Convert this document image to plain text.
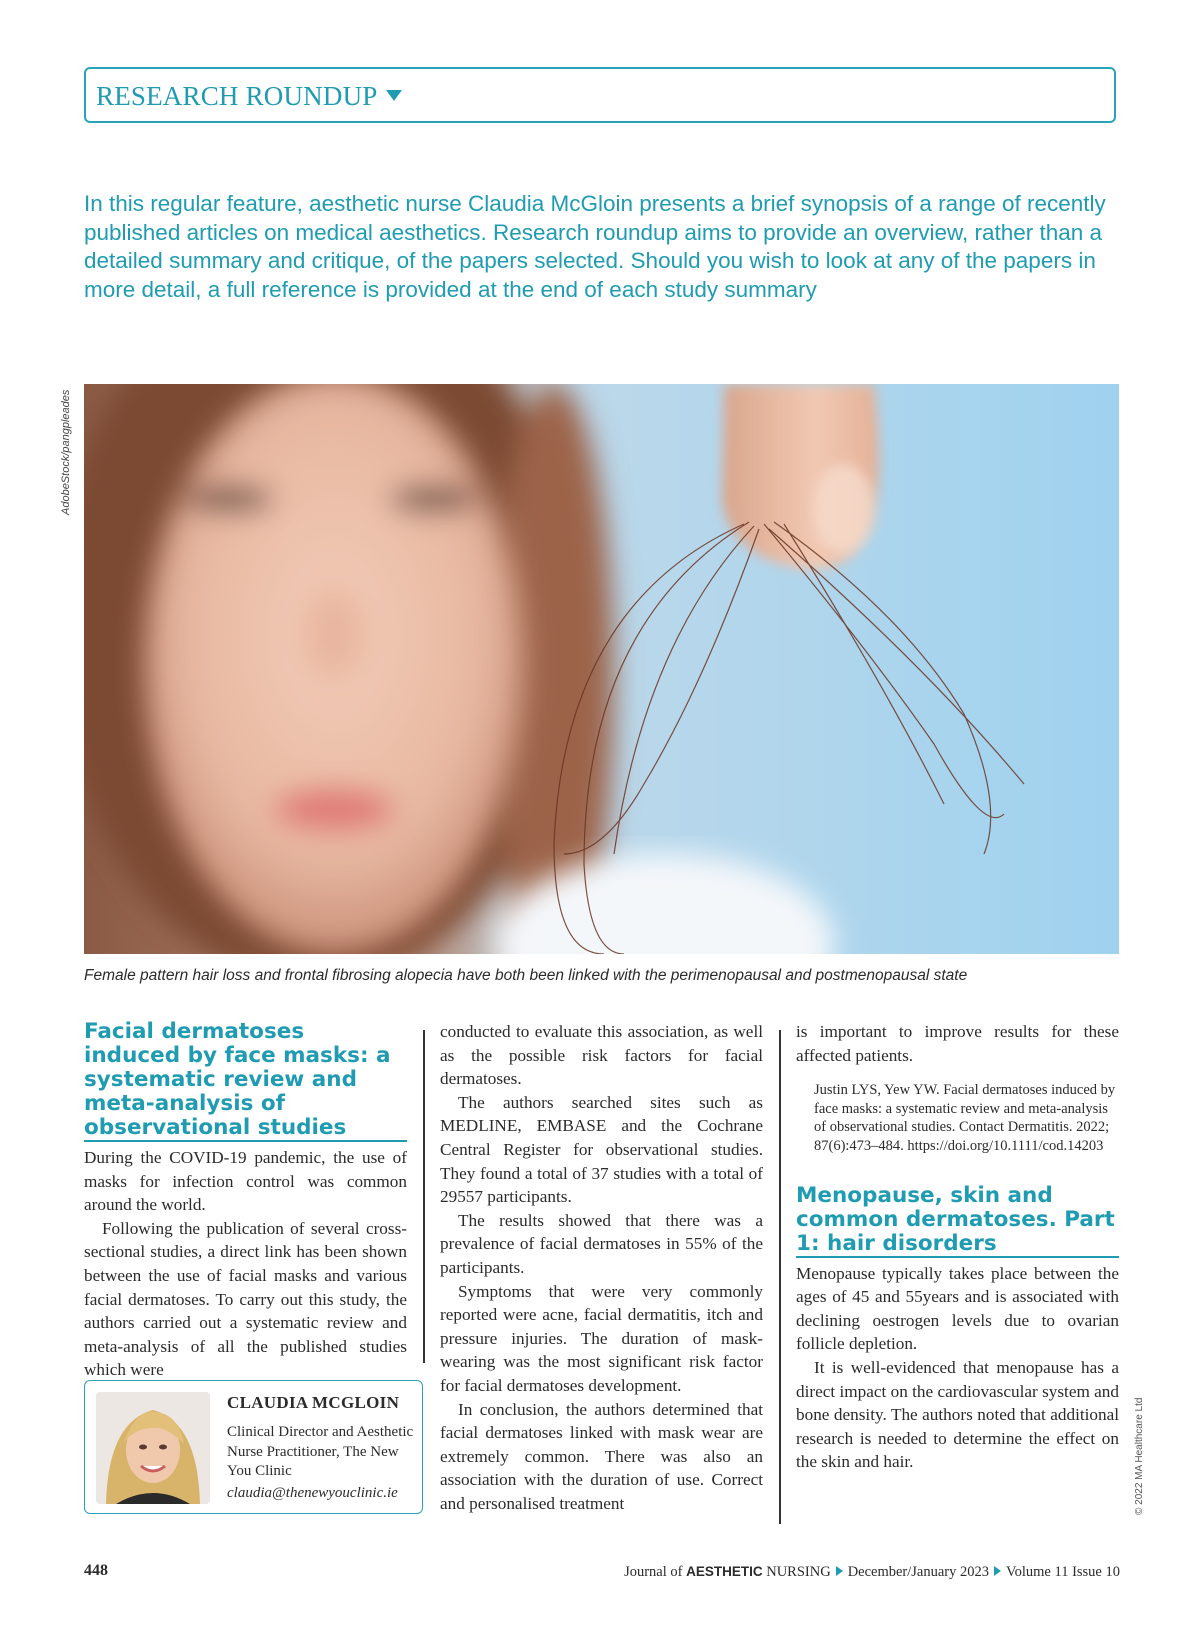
RESEARCH ROUNDUP

In this regular feature, aesthetic nurse Claudia McGloin presents a brief synopsis of a range of recently published articles on medical aesthetics. Research roundup aims to provide an overview, rather than a detailed summary and critique, of the papers selected. Should you wish to look at any of the papers in more detail, a full reference is provided at the end of each study summary

AdobeStock/pangpleades

Female pattern hair loss and frontal fibrosing alopecia have both been linked with the perimenopausal and postmenopausal state

Facial dermatoses induced by face masks: a systematic review and meta-analysis of observational studies

During the COVID-19 pandemic, the use of masks for infection control was common around the world.

Following the publication of several cross-sectional studies, a direct link has been shown between the use of facial masks and various facial dermatoses. To carry out this study, the authors carried out a systematic review and meta-analysis of all the published studies which were

conducted to evaluate this association, as well as the possible risk factors for facial dermatoses.

The authors searched sites such as MEDLINE, EMBASE and the Cochrane Central Register for observational studies. They found a total of 37 studies with a total of 29557 participants.

The results showed that there was a prevalence of facial dermatoses in 55% of the participants.

Symptoms that were very commonly reported were acne, facial dermatitis, itch and pressure injuries. The duration of mask-wearing was the most significant risk factor for facial dermatoses development.

In conclusion, the authors determined that facial dermatoses linked with mask wear are extremely common. There was also an association with the duration of use. Correct and personalised treatment

is important to improve results for these affected patients.

Justin LYS, Yew YW. Facial dermatoses induced by face masks: a systematic review and meta-analysis of observational studies. Contact Dermatitis. 2022; 87(6):473–484. https://doi.org/10.1111/cod.14203

Menopause, skin and common dermatoses. Part 1: hair disorders

Menopause typically takes place between the ages of 45 and 55years and is associated with declining oestrogen levels due to ovarian follicle depletion.

It is well-evidenced that menopause has a direct impact on the cardiovascular system and bone density. The authors noted that additional research is needed to determine the effect on the skin and hair.

CLAUDIA MCGLOIN
Clinical Director and Aesthetic Nurse Practitioner, The New You Clinic
claudia@thenewyouclinic.ie	© 2022 MA Healthcare Ltd
448	Journal of AESTHETIC NURSING December/January 2023 Volume 11 Issue 10
